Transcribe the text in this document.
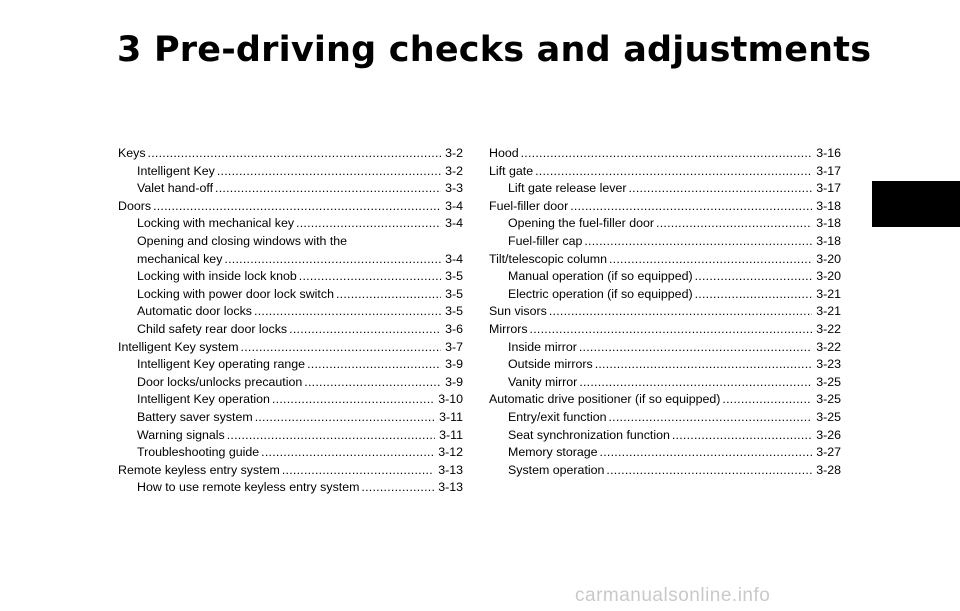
3 Pre-driving checks and adjustments
Keys . . .	3-2
Intelligent Key . . .	3-2
Valet hand-off . . .	3-3
Doors . . .	3-4
Locking with mechanical key . . .	3-4
Opening and closing windows with the
mechanical key . . .	3-4
Locking with inside lock knob . . .	3-5
Locking with power door lock switch . . .	3-5
Automatic door locks . . .	3-5
Child safety rear door locks . . .	3-6
Intelligent Key system . . .	3-7
Intelligent Key operating range . . .	3-9
Door locks/unlocks precaution . . .	3-9
Intelligent Key operation . . .	3-10
Battery saver system . . .	3-11
Warning signals . . .	3-11
Troubleshooting guide . . .	3-12
Remote keyless entry system . . .	3-13
How to use remote keyless entry system . . .	3-13
Hood . . .	3-16
Lift gate . . .	3-17
Lift gate release lever . . .	3-17
Fuel-filler door . . .	3-18
Opening the fuel-filler door . . .	3-18
Fuel-filler cap . . .	3-18
Tilt/telescopic column . . .	3-20
Manual operation (if so equipped) . . .	3-20
Electric operation (if so equipped) . . .	3-21
Sun visors . . .	3-21
Mirrors . . .	3-22
Inside mirror . . .	3-22
Outside mirrors . . .	3-23
Vanity mirror . . .	3-25
Automatic drive positioner (if so equipped) . . .	3-25
Entry/exit function . . .	3-25
Seat synchronization function . . .	3-26
Memory storage . . .	3-27
System operation . . .	3-28
carmanualsonline.info
